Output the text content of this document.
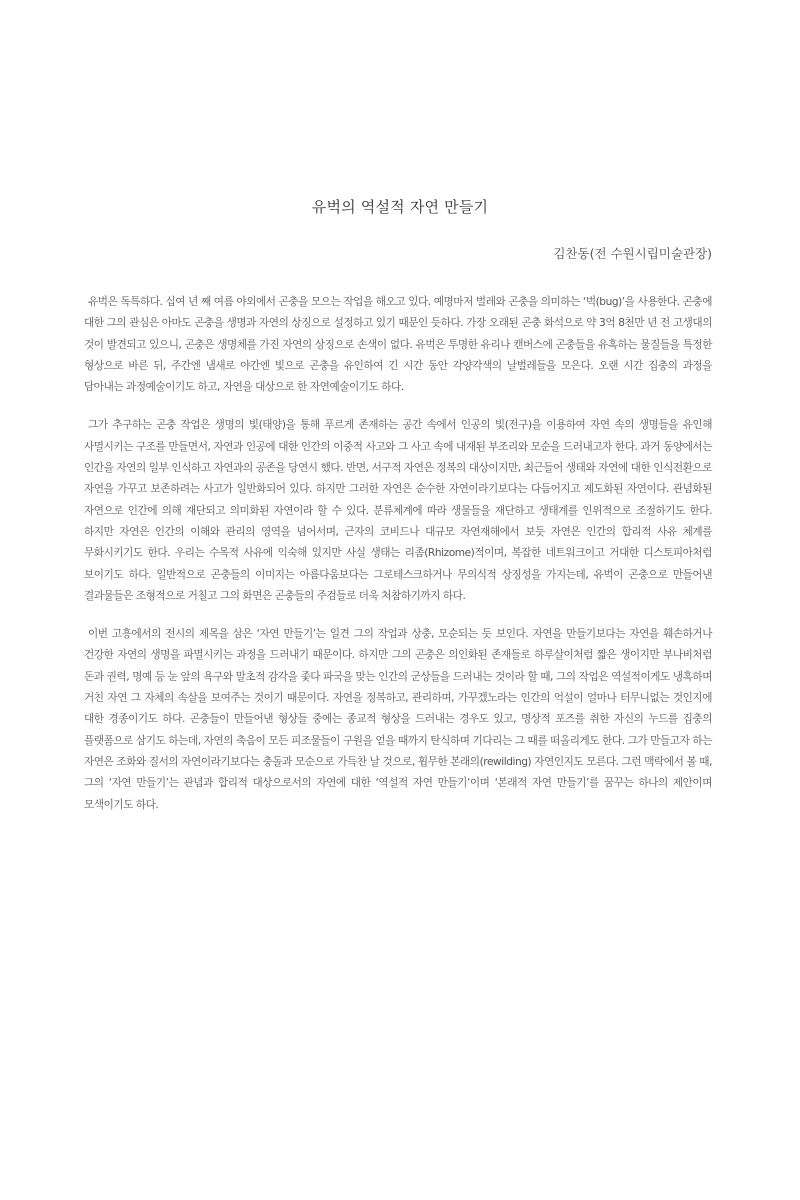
유벅의 역설적 자연 만들기

김찬동(전 수원시립미술관장)

유벅은 독특하다. 십여 년 째 여름 야외에서 곤충을 모으는 작업을 해오고 있다. 예명마저 벌레와 곤충을 의미하는 ‘벅(bug)’을 사용한다. 곤충에 대한 그의 관심은 아마도 곤충을 생명과 자연의 상징으로 설정하고 있기 때문인 듯하다. 가장 오래된 곤충 화석으로 약 3억 8천만 년 전 고생대의 것이 발견되고 있으니, 곤충은 생명체를 가진 자연의 상징으로 손색이 없다. 유벅은 투명한 유리나 캔버스에 곤충들을 유혹하는 물질들을 특정한 형상으로 바른 뒤, 주간엔 냄새로 야간엔 빛으로 곤충을 유인하여 긴 시간 동안 각양각색의 날벌레들을 모은다. 오랜 시간 집충의 과정을 담아내는 과정예술이기도 하고, 자연을 대상으로 한 자연예술이기도 하다.

그가 추구하는 곤충 작업은 생명의 빛(태양)을 통해 푸르게 존재하는 공간 속에서 인공의 빛(전구)을 이용하여 자연 속의 생명들을 유인해 사멸시키는 구조를 만들면서, 자연과 인공에 대한 인간의 이중적 사고와 그 사고 속에 내재된 부조리와 모순을 드러내고자 한다. 과거 동양에서는 인간을 자연의 일부 인식하고 자연과의 공존을 당연시 했다. 반면, 서구적 자연은 정복의 대상이지만, 최근들어 생태와 자연에 대한 인식전환으로 자연을 가꾸고 보존하려는 사고가 일반화되어 있다. 하지만 그러한 자연은 순수한 자연이라기보다는 다듬어지고 제도화된 자연이다. 관념화된 자연으로 인간에 의해 재단되고 의미화된 자연이라 할 수 있다. 분류체계에 따라 생물들을 재단하고 생태계를 인위적으로 조절하기도 한다. 하지만 자연은 인간의 이해와 관리의 영역을 넘어서며, 근자의 코비드나 대규모 자연재해에서 보듯 자연은 인간의 합리적 사유 체계를 무화시키기도 한다. 우리는 수목적 사유에 익숙해 있지만 사실 생태는 리좀(Rhizome)적이며, 복잡한 네트워크이고 거대한 디스토피아처럼 보이기도 하다. 일반적으로 곤충들의 이미지는 아름다움보다는 그로테스크하거나 무의식적 상징성을 가지는데, 유벅이 곤충으로 만들어낸 결과물들은 조형적으로 거칠고 그의 화면은 곤충들의 주검들로 더욱 처참하기까지 하다.

이번 고흥에서의 전시의 제목을 삼은 ‘자연 만들기’는 일견 그의 작업과 상충, 모순되는 듯 보인다. 자연을 만들기보다는 자연을 훼손하거나 건강한 자연의 생명을 파멸시키는 과정을 드러내기 때문이다. 하지만 그의 곤충은 의인화된 존재들로 하루살이처럼 짧은 생이지만 부나비처럼 돈과 권력, 명예 등 눈 앞의 욕구와 말초적 감각을 좇다 파국을 맞는 인간의 군상들을 드러내는 것이라 할 때, 그의 작업은 역설적이게도 냉혹하며 거친 자연 그 자체의 속살을 보여주는 것이기 때문이다. 자연을 정복하고, 관리하며, 가꾸겠노라는 인간의 억설이 얼마나 터무니없는 것인지에 대한 경종이기도 하다. 곤충들이 만들어낸 형상들 중에는 종교적 형상을 드러내는 경우도 있고, 명상적 포즈를 취한 자신의 누드를 집충의 플랫폼으로 삼기도 하는데, 자연의 축음이 모든 피조물들이 구원을 얻을 때까지 탄식하며 기다리는 그 때를 떠올리게도 한다. 그가 만들고자 하는 자연은 조화와 질서의 자연이라기보다는 충돌과 모순으로 가득찬 날 것으로, 휩무한 본래의(rewilding) 자연인지도 모른다. 그런 맥락에서 볼 때, 그의 ‘자연 만들기’는 관념과 합리적 대상으로서의 자연에 대한 ‘역설적 자연 만들기’이며 ‘본래적 자연 만들기’를 꿈꾸는 하나의 제안이며 모색이기도 하다.
